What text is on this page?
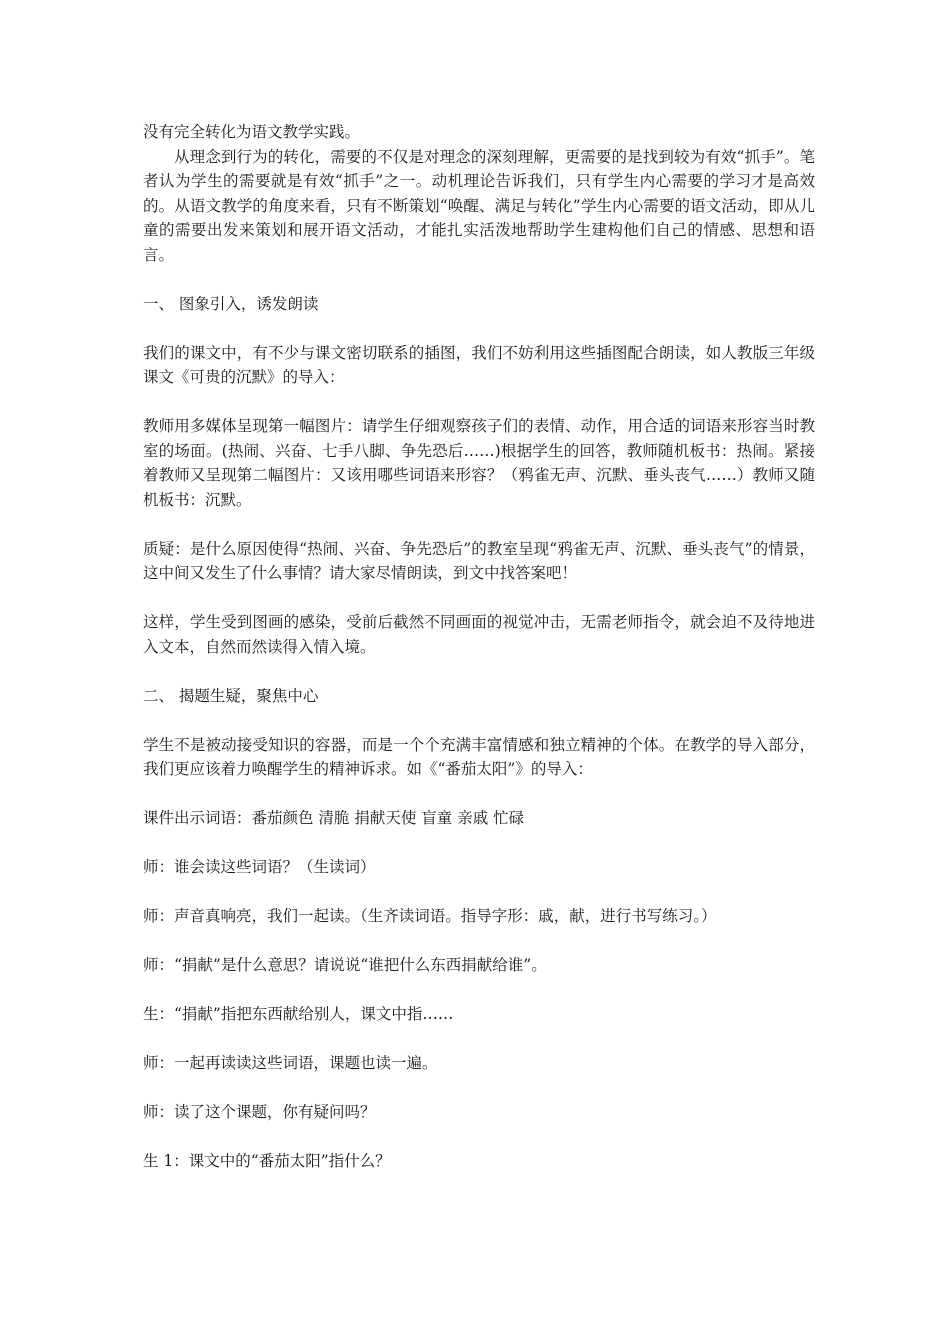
没有完全转化为语文教学实践。

从理念到行为的转化，需要的不仅是对理念的深刻理解，更需要的是找到较为有效“抓手”。笔者认为学生的需要就是有效“抓手”之一。动机理论告诉我们，只有学生内心需要的学习才是高效的。从语文教学的角度来看，只有不断策划“唤醒、满足与转化”学生内心需要的语文活动，即从儿童的需要出发来策划和展开语文活动，才能扎实活泼地帮助学生建构他们自己的情感、思想和语言。

一、 图象引入，诱发朗读

我们的课文中，有不少与课文密切联系的插图，我们不妨利用这些插图配合朗读，如人教版三年级课文《可贵的沉默》的导入：

教师用多媒体呈现第一幅图片：请学生仔细观察孩子们的表情、动作，用合适的词语来形容当时教室的场面。(热闹、兴奋、七手八脚、争先恐后……)根据学生的回答，教师随机板书：热闹。紧接着教师又呈现第二幅图片：又该用哪些词语来形容？（鸦雀无声、沉默、垂头丧气……）教师又随机板书：沉默。

质疑：是什么原因使得“热闹、兴奋、争先恐后”的教室呈现“鸦雀无声、沉默、垂头丧气”的情景，这中间又发生了什么事情？请大家尽情朗读，到文中找答案吧！

这样，学生受到图画的感染，受前后截然不同画面的视觉冲击，无需老师指令，就会迫不及待地进入文本，自然而然读得入情入境。

二、 揭题生疑，聚焦中心

学生不是被动接受知识的容器，而是一个个充满丰富情感和独立精神的个体。在教学的导入部分，我们更应该着力唤醒学生的精神诉求。如《“番茄太阳”》的导入：

课件出示词语：番茄颜色 清脆 捐献天使 盲童 亲戚 忙碌

师：谁会读这些词语？（生读词）

师：声音真响亮，我们一起读。（生齐读词语。指导字形：戚，献，进行书写练习。）

师：“捐献”是什么意思？请说说“谁把什么东西捐献给谁”。

生：“捐献”指把东西献给别人，课文中指……

师：一起再读读这些词语，课题也读一遍。

师：读了这个课题，你有疑问吗？

生 1：课文中的“番茄太阳”指什么？
